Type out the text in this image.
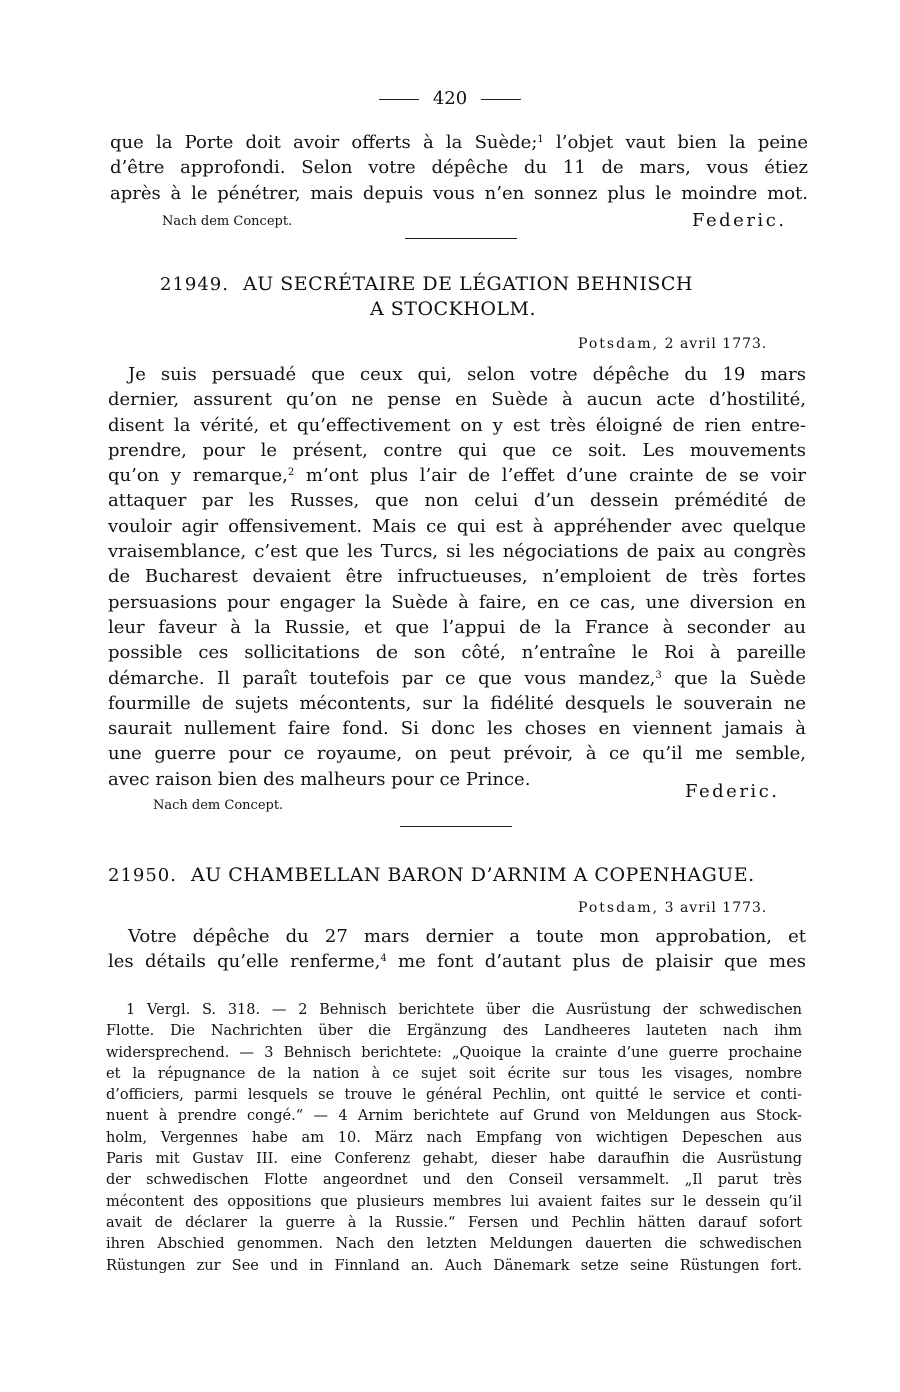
420
que la Porte doit avoir offerts à la Suède;$^1$ l’objet vaut bien la peine
d’être approfondi. Selon votre dépêche du 11 de mars, vous étiez
après à le pénétrer, mais depuis vous n’en sonnez plus le moindre mot.
Nach dem Concept.	Federic.
21949. AU SECRÉTAIRE DE LÉGATION BEHNISCH
A STOCKHOLM.
Potsdam, 2 avril 1773.
Je suis persuadé que ceux qui, selon votre dépêche du 19 mars
dernier, assurent qu’on ne pense en Suède à aucun acte d’hostilité,
disent la vérité, et qu’effectivement on y est très éloigné de rien entre-
prendre, pour le présent, contre qui que ce soit. Les mouvements
qu’on y remarque,$^2$ m’ont plus l’air de l’effet d’une crainte de se voir
attaquer par les Russes, que non celui d’un dessein prémédité de
vouloir agir offensivement. Mais ce qui est à appréhender avec quelque
vraisemblance, c’est que les Turcs, si les négociations de paix au congrès
de Bucharest devaient être infructueuses, n’emploient de très fortes
persuasions pour engager la Suède à faire, en ce cas, une diversion en
leur faveur à la Russie, et que l’appui de la France à seconder au
possible ces sollicitations de son côté, n’entraîne le Roi à pareille
démarche. Il paraît toutefois par ce que vous mandez,$^3$ que la Suède
fourmille de sujets mécontents, sur la fidélité desquels le souverain ne
saurait nullement faire fond. Si donc les choses en viennent jamais à
une guerre pour ce royaume, on peut prévoir, à ce qu’il me semble,
avec raison bien des malheurs pour ce Prince.
Federic.
Nach dem Concept.
21950. AU CHAMBELLAN BARON D’ARNIM A COPENHAGUE.
Potsdam, 3 avril 1773.
Votre dépêche du 27 mars dernier a toute mon approbation, et
les détails qu’elle renferme,$^4$ me font d’autant plus de plaisir que mes
1 Vergl. S. 318. — 2 Behnisch berichtete über die Ausrüstung der schwedischen
Flotte. Die Nachrichten über die Ergänzung des Landheeres lauteten nach ihm
widersprechend. — 3 Behnisch berichtete: „Quoique la crainte d’une guerre prochaine
et la répugnance de la nation à ce sujet soit écrite sur tous les visages, nombre
d’officiers, parmi lesquels se trouve le général Pechlin, ont quitté le service et conti-
nuent à prendre congé.“ — 4 Arnim berichtete auf Grund von Meldungen aus Stock-
holm, Vergennes habe am 10. März nach Empfang von wichtigen Depeschen aus
Paris mit Gustav III. eine Conferenz gehabt, dieser habe daraufhin die Ausrüstung
der schwedischen Flotte angeordnet und den Conseil versammelt. „Il parut très
mécontent des oppositions que plusieurs membres lui avaient faites sur le dessein qu’il
avait de déclarer la guerre à la Russie.“ Fersen und Pechlin hätten darauf sofort
ihren Abschied genommen. Nach den letzten Meldungen dauerten die schwedischen
Rüstungen zur See und in Finnland an. Auch Dänemark setze seine Rüstungen fort.
